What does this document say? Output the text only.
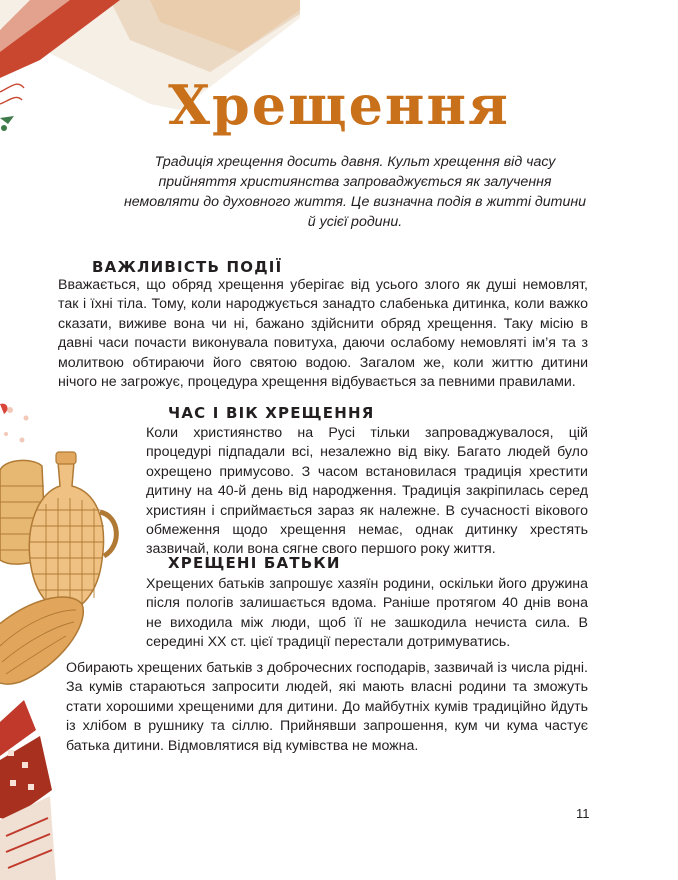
Хрещення

Традиція хрещення досить давня. Культ хрещення від часу прийняття християнства запроваджується як залучення немовляти до духовного життя. Це визначна подія в житті дитини й усієї родини.

ВАЖЛИВІСТЬ ПОДІЇ

Вважається, що обряд хрещення уберігає від усього злого як душі немовлят, так і їхні тіла. Тому, коли народжується занадто слабенька дитинка, коли важко сказати, виживе вона чи ні, бажано здійснити обряд хрещення. Таку місію в давні часи почасти виконувала повитуха, даючи ослабому немовляті ім’я та з молитвою обтираючи його святою водою. Загалом же, коли життю дитини нічого не загрожує, процедура хрещення відбувається за певними правилами.

ЧАС І ВІК ХРЕЩЕННЯ

Коли християнство на Русі тільки запроваджувалося, цій процедурі підпадали всі, незалежно від віку. Багато людей було охрещено примусово. З часом встановилася традиція хрестити дитину на 40-й день від народження. Традиція закріпилась серед християн і сприймається зараз як належне. В сучасності вікового обмеження щодо хрещення немає, однак дитинку хрестять зазвичай, коли вона сягне свого першого року життя.

ХРЕЩЕНІ БАТЬКИ

Хрещених батьків запрошує хазяїн родини, оскільки його дружина після пологів залишається вдома. Раніше протягом 40 днів вона не виходила між люди, щоб її не зашкодила нечиста сила. В середині XX ст. цієї традиції перестали дотримуватись.

Обирають хрещених батьків з доброчесних господарів, зазвичай із числа рідні. За кумів стараються запросити людей, які мають власні родини та зможуть стати хорошими хрещеними для дитини. До майбутніх кумів традиційно йдуть із хлібом в рушнику та сіллю. Прийнявши запрошення, кум чи кума частує батька дитини. Відмовлятися від кумівства не можна.

11
